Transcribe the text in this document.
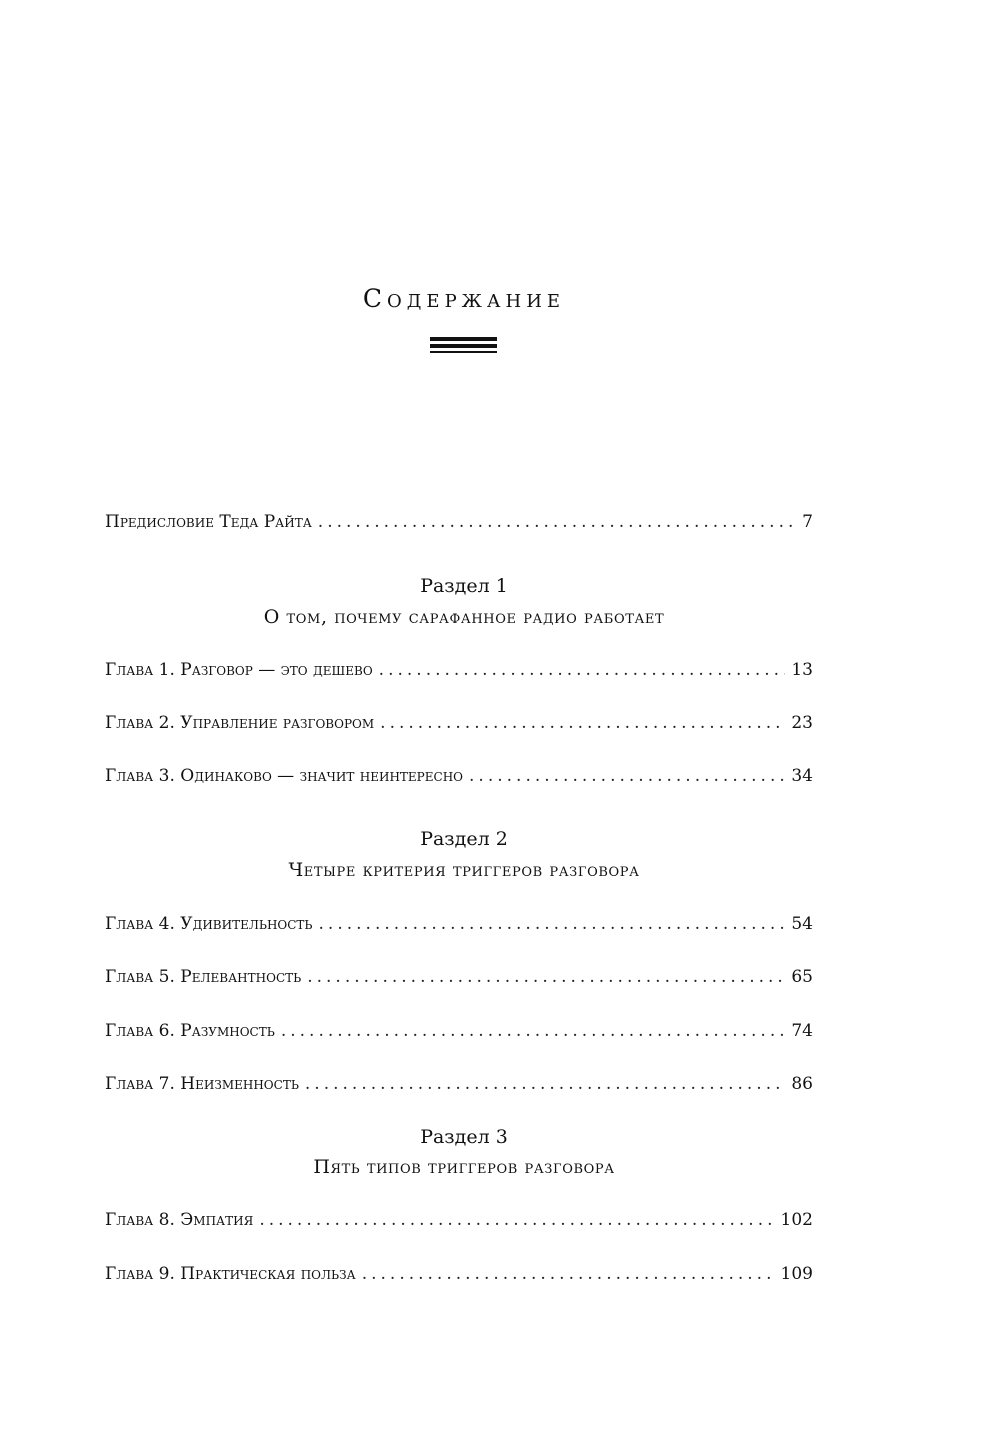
Содержание
Предисловие Теда Райта .....	7
Раздел 1
О том, почему сарафанное радио работает
Глава 1. Разговор — это дешево .....	13
Глава 2. Управление разговором .....	23
Глава 3. Одинаково — значит неинтересно .....	34
Раздел 2
Четыре критерия триггеров разговора
Глава 4. Удивительность .....	54
Глава 5. Релевантность .....	65
Глава 6. Разумность .....	74
Глава 7. Неизменность .....	86
Раздел 3
Пять типов триггеров разговора
Глава 8. Эмпатия .....	102
Глава 9. Практическая польза .....	109
